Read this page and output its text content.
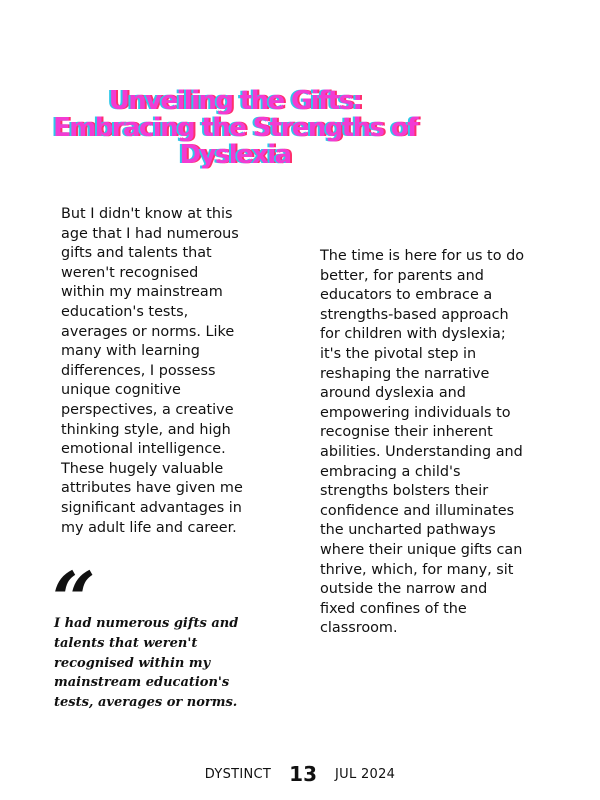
Unveiling the Gifts:
Embracing the Strengths of
Dyslexia

But I didn't know at this age that I had numerous gifts and talents that weren't recognised within my mainstream education's tests, averages or norms. Like many with learning differences, I possess unique cognitive perspectives, a creative thinking style, and high emotional intelligence. These hugely valuable attributes have given me significant advantages in my adult life and career.

“

I had numerous gifts and talents that weren't recognised within my mainstream education's tests, averages or norms.

The time is here for us to do better, for parents and educators to embrace a strengths-based approach for children with dyslexia; it's the pivotal step in reshaping the narrative around dyslexia and empowering individuals to recognise their inherent abilities. Understanding and embracing a child's strengths bolsters their confidence and illuminates the uncharted pathways where their unique gifts can thrive, which, for many, sit outside the narrow and fixed confines of the classroom.

DYSTINCT 13 JUL 2024
